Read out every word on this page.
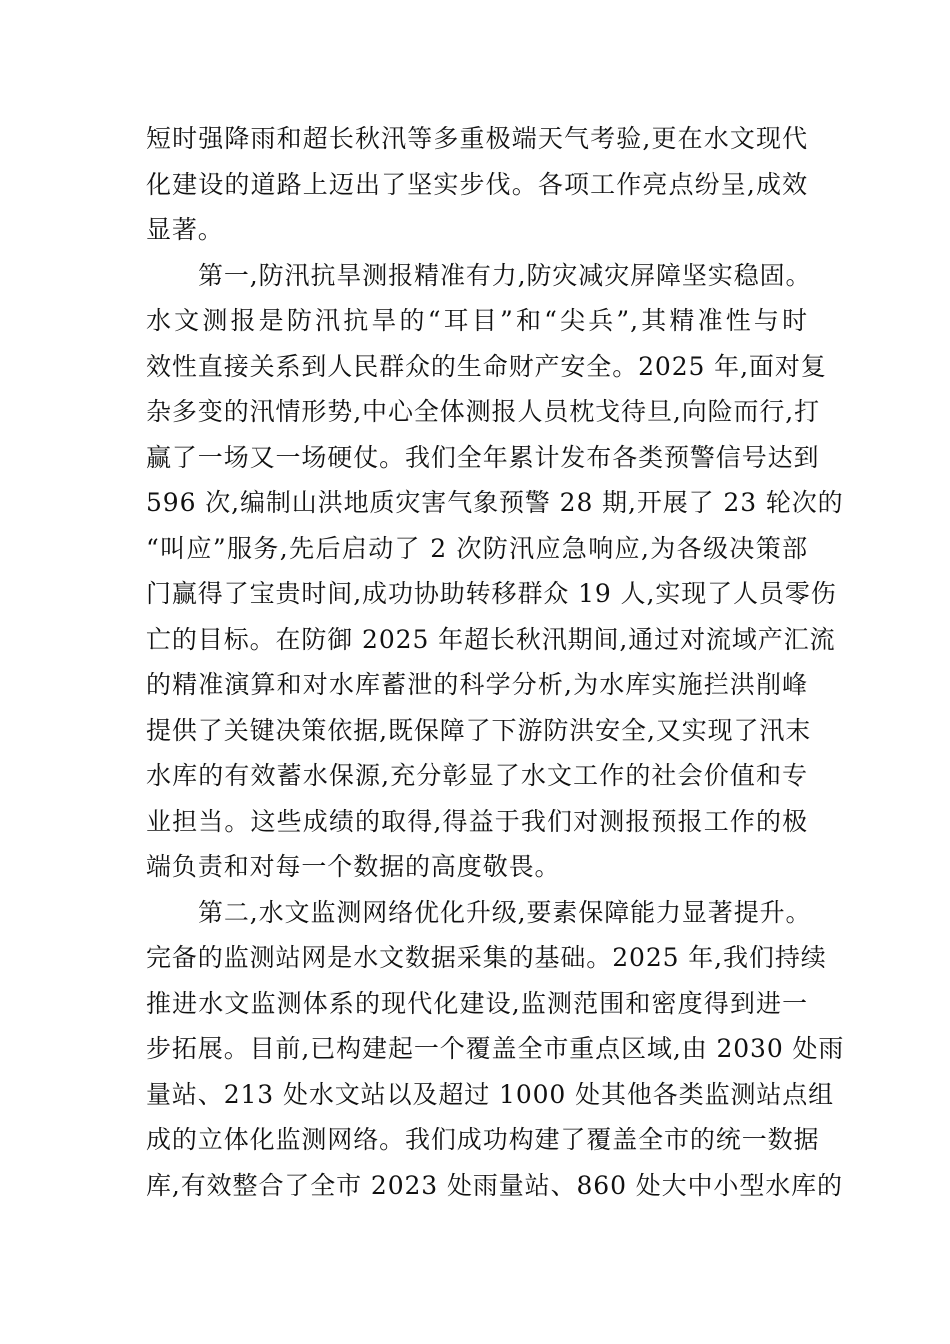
短时强降雨和超长秋汛等多重极端天气考验,更在水文现代
化建设的道路上迈出了坚实步伐。各项工作亮点纷呈,成效
显著。
第一,防汛抗旱测报精准有力,防灾减灾屏障坚实稳固。
水文测报是防汛抗旱的“耳目”和“尖兵”,其精准性与时
效性直接关系到人民群众的生命财产安全。2025 年,面对复
杂多变的汛情形势,中心全体测报人员枕戈待旦,向险而行,打
赢了一场又一场硬仗。我们全年累计发布各类预警信号达到
596 次,编制山洪地质灾害气象预警 28 期,开展了 23 轮次的
“叫应”服务,先后启动了 2 次防汛应急响应,为各级决策部
门赢得了宝贵时间,成功协助转移群众 19 人,实现了人员零伤
亡的目标。在防御 2025 年超长秋汛期间,通过对流域产汇流
的精准演算和对水库蓄泄的科学分析,为水库实施拦洪削峰
提供了关键决策依据,既保障了下游防洪安全,又实现了汛末
水库的有效蓄水保源,充分彰显了水文工作的社会价值和专
业担当。这些成绩的取得,得益于我们对测报预报工作的极
端负责和对每一个数据的高度敬畏。
第二,水文监测网络优化升级,要素保障能力显著提升。
完备的监测站网是水文数据采集的基础。2025 年,我们持续
推进水文监测体系的现代化建设,监测范围和密度得到进一
步拓展。目前,已构建起一个覆盖全市重点区域,由 2030 处雨
量站、213 处水文站以及超过 1000 处其他各类监测站点组
成的立体化监测网络。我们成功构建了覆盖全市的统一数据
库,有效整合了全市 2023 处雨量站、860 处大中小型水库的
